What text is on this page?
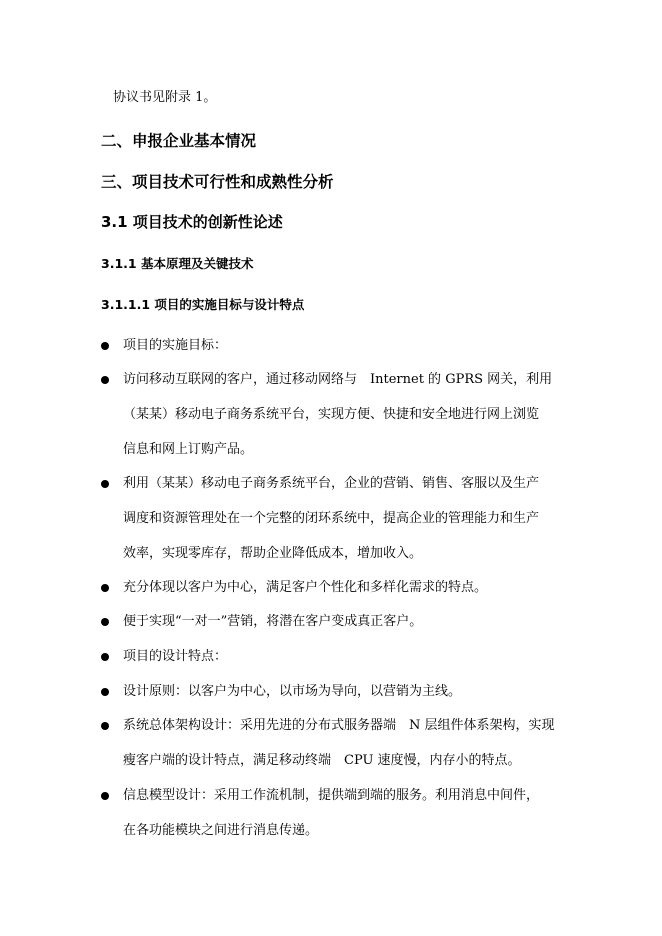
协议书见附录 1。
二、申报企业基本情况
三、项目技术可行性和成熟性分析
3.1 项目技术的创新性论述
3.1.1 基本原理及关键技术
3.1.1.1 项目的实施目标与设计特点
项目的实施目标：
访问移动互联网的客户，通过移动网络与　Internet 的 GPRS 网关，利用
（某某）移动电子商务系统平台，实现方便、快捷和安全地进行网上浏览
信息和网上订购产品。
利用（某某）移动电子商务系统平台，企业的营销、销售、客服以及生产
调度和资源管理处在一个完整的闭环系统中，提高企业的管理能力和生产
效率，实现零库存，帮助企业降低成本，增加收入。
充分体现以客户为中心，满足客户个性化和多样化需求的特点。
便于实现“一对一”营销，将潜在客户变成真正客户。
项目的设计特点：
设计原则：以客户为中心，以市场为导向，以营销为主线。
系统总体架构设计：采用先进的分布式服务器端　N 层组件体系架构，实现
瘦客户端的设计特点，满足移动终端　CPU 速度慢，内存小的特点。
信息模型设计：采用工作流机制，提供端到端的服务。利用消息中间件，
在各功能模块之间进行消息传递。
